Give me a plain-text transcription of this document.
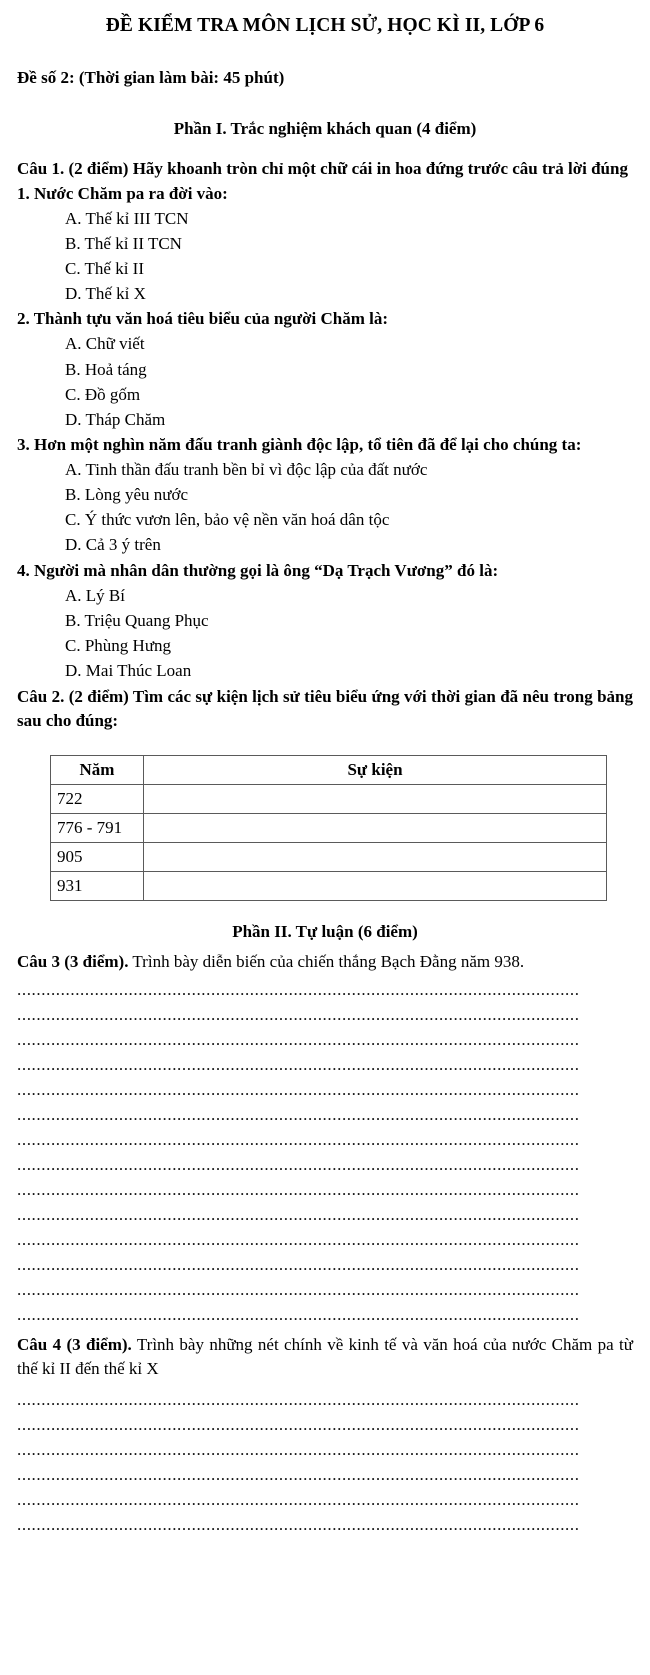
ĐỀ KIỂM TRA MÔN LỊCH SỬ, HỌC KÌ II, LỚP 6
Đề số 2: (Thời gian làm bài: 45 phút)
Phần I. Trắc nghiệm khách quan (4 điểm)
Câu 1. (2 điểm) Hãy khoanh tròn chỉ một chữ cái in hoa đứng trước câu trả lời đúng
1. Nước Chăm pa ra đời vào:
A. Thế kỉ III TCN
B. Thế kỉ II TCN
C. Thế kỉ II
D. Thế kỉ X
2. Thành tựu văn hoá tiêu biểu của người Chăm là:
A. Chữ viết
B. Hoả táng
C. Đồ gốm
D. Tháp Chăm
3. Hơn một nghìn năm đấu tranh giành độc lập, tổ tiên đã để lại cho chúng ta:
A. Tinh thần đấu tranh bền bỉ vì độc lập của đất nước
B. Lòng yêu nước
C. Ý thức vươn lên, bảo vệ nền văn hoá dân tộc
D. Cả 3 ý trên
4. Người mà nhân dân thường gọi là ông “Dạ Trạch Vương” đó là:
A. Lý Bí
B. Triệu Quang Phục
C. Phùng Hưng
D. Mai Thúc Loan
Câu 2. (2 điểm) Tìm các sự kiện lịch sử tiêu biểu ứng với thời gian đã nêu trong bảng sau cho đúng:
Năm	Sự kiện
722	
776 - 791	
905	
931	
Phần II. Tự luận (6 điểm)
Câu 3 (3 điểm). Trình bày diễn biến của chiến thắng Bạch Đằng năm 938.
....................................................................................................................
....................................................................................................................
....................................................................................................................
....................................................................................................................
....................................................................................................................
....................................................................................................................
....................................................................................................................
....................................................................................................................
....................................................................................................................
....................................................................................................................
....................................................................................................................
....................................................................................................................
....................................................................................................................
....................................................................................................................
Câu 4 (3 điểm). Trình bày những nét chính về kinh tế và văn hoá của nước Chăm pa từ thế kỉ II đến thế kỉ X
....................................................................................................................
....................................................................................................................
....................................................................................................................
....................................................................................................................
....................................................................................................................
....................................................................................................................
